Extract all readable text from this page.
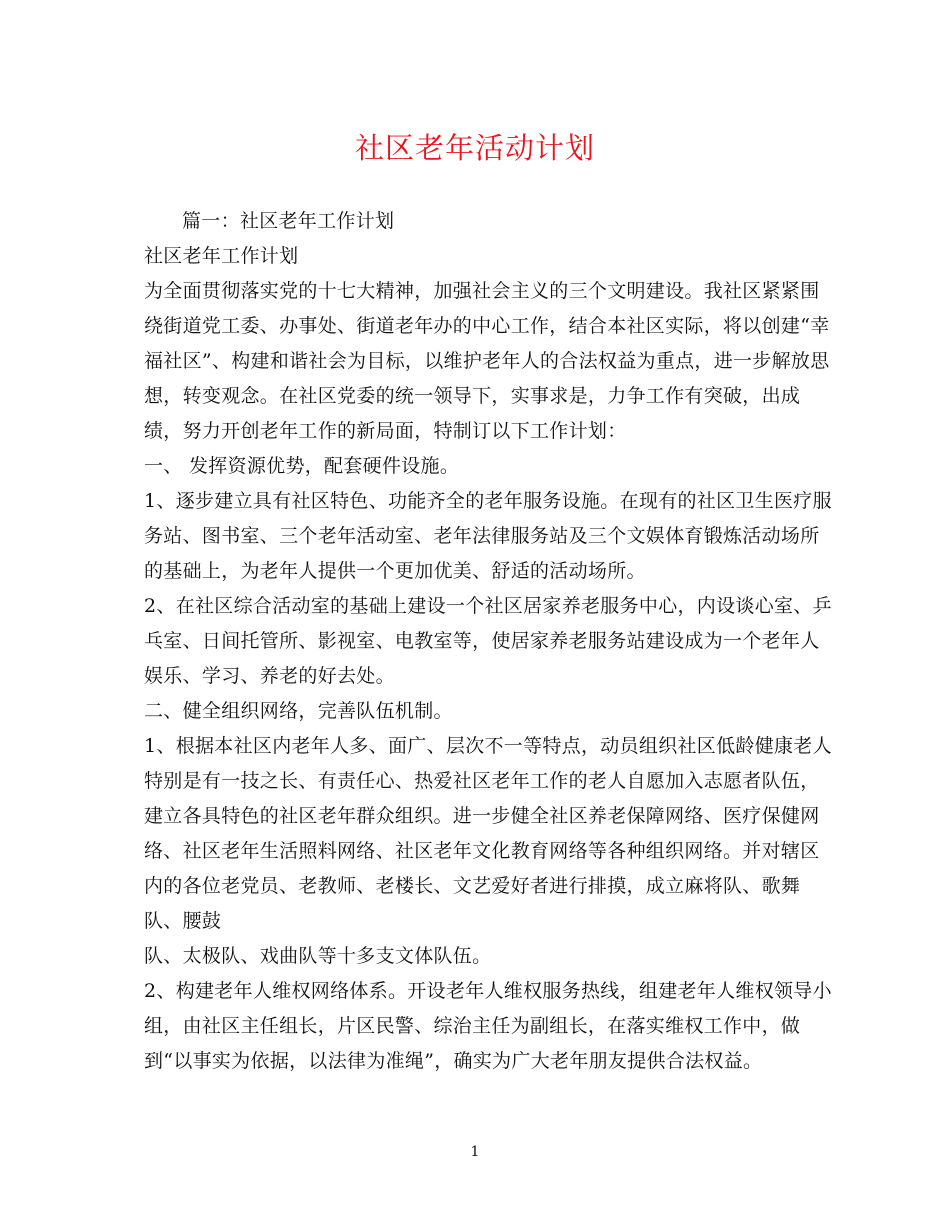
社区老年活动计划
篇一：社区老年工作计划
社区老年工作计划
为全面贯彻落实党的十七大精神，加强社会主义的三个文明建设。我社区紧紧围
绕街道党工委、办事处、街道老年办的中心工作，结合本社区实际，将以创建“幸
福社区”、构建和谐社会为目标，以维护老年人的合法权益为重点，进一步解放思
想，转变观念。在社区党委的统一领导下，实事求是，力争工作有突破，出成
绩，努力开创老年工作的新局面，特制订以下工作计划：
一、 发挥资源优势，配套硬件设施。
1、逐步建立具有社区特色、功能齐全的老年服务设施。在现有的社区卫生医疗服
务站、图书室、三个老年活动室、老年法律服务站及三个文娱体育锻炼活动场所
的基础上，为老年人提供一个更加优美、舒适的活动场所。
2、在社区综合活动室的基础上建设一个社区居家养老服务中心，内设谈心室、乒
乓室、日间托管所、影视室、电教室等，使居家养老服务站建设成为一个老年人
娱乐、学习、养老的好去处。
二、健全组织网络，完善队伍机制。
1、根据本社区内老年人多、面广、层次不一等特点，动员组织社区低龄健康老人
特别是有一技之长、有责任心、热爱社区老年工作的老人自愿加入志愿者队伍，
建立各具特色的社区老年群众组织。进一步健全社区养老保障网络、医疗保健网
络、社区老年生活照料网络、社区老年文化教育网络等各种组织网络。并对辖区
内的各位老党员、老教师、老楼长、文艺爱好者进行排摸，成立麻将队、歌舞
队、腰鼓
队、太极队、戏曲队等十多支文体队伍。
2、构建老年人维权网络体系。开设老年人维权服务热线，组建老年人维权领导小
组，由社区主任组长，片区民警、综治主任为副组长，在落实维权工作中，做
到“以事实为依据，以法律为准绳”，确实为广大老年朋友提供合法权益。
1
